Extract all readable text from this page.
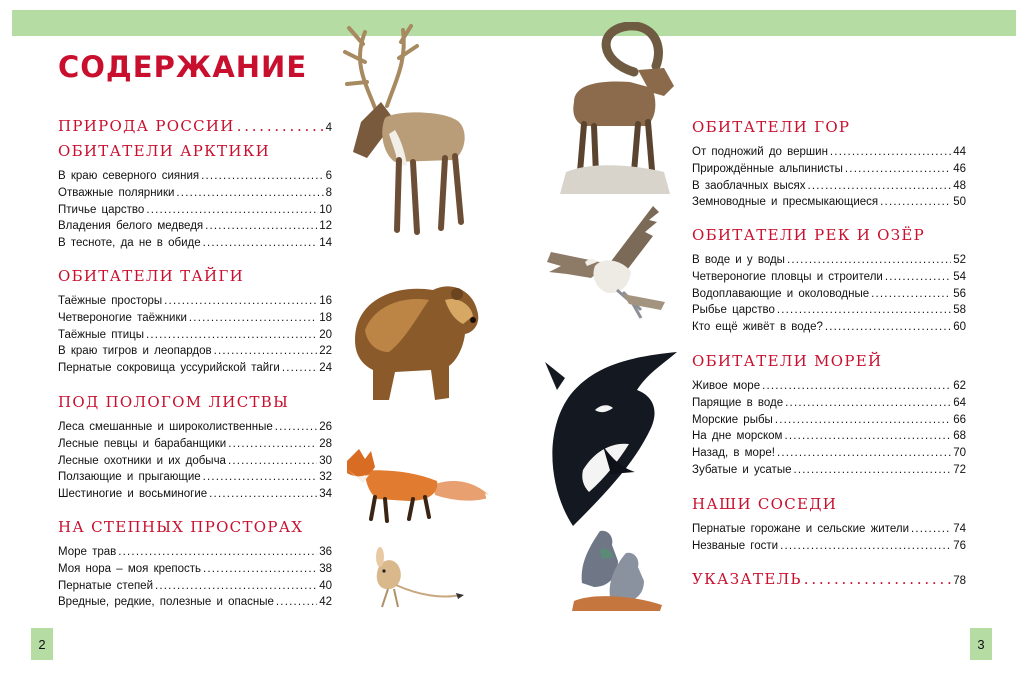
СОДЕРЖАНИЕ
ПРИРОДА РОССИИ . . .	4
ОБИТАТЕЛИ АРКТИКИ
В краю северного сияния . . .	6
Отважные полярники . . .	8
Птичье царство . . .	10
Владения белого медведя . . .	12
В тесноте, да не в обиде . . .	14
ОБИТАТЕЛИ ТАЙГИ
Таёжные просторы . . .	16
Четвероногие таёжники . . .	18
Таёжные птицы . . .	20
В краю тигров и леопардов . . .	22
Пернатые сокровища уссурийской тайги . . .	24
ПОД ПОЛОГОМ ЛИСТВЫ
Леса смешанные и широколиственные . . .	26
Лесные певцы и барабанщики . . .	28
Лесные охотники и их добыча . . .	30
Ползающие и прыгающие . . .	32
Шестиногие и восьминогие . . .	34
НА СТЕПНЫХ ПРОСТОРАХ
Море трав . . .	36
Моя нора – моя крепость . . .	38
Пернатые степей . . .	40
Вредные, редкие, полезные и опасные . . .	42
ОБИТАТЕЛИ ГОР
От подножий до вершин . . .	44
Прирождённые альпинисты . . .	46
В заоблачных высях . . .	48
Земноводные и пресмыкающиеся . . .	50
ОБИТАТЕЛИ РЕК И ОЗЁР
В воде и у воды . . .	52
Четвероногие пловцы и строители . . .	54
Водоплавающие и околоводные . . .	56
Рыбье царство . . .	58
Кто ещё живёт в воде? . . .	60
ОБИТАТЕЛИ МОРЕЙ
Живое море . . .	62
Парящие в воде . . .	64
Морские рыбы . . .	66
На дне морском . . .	68
Назад, в море! . . .	70
Зубатые и усатые . . .	72
НАШИ СОСЕДИ
Пернатые горожане и сельские жители . . .	74
Незваные гости . . .	76
УКАЗАТЕЛЬ . . .	78
2	3
